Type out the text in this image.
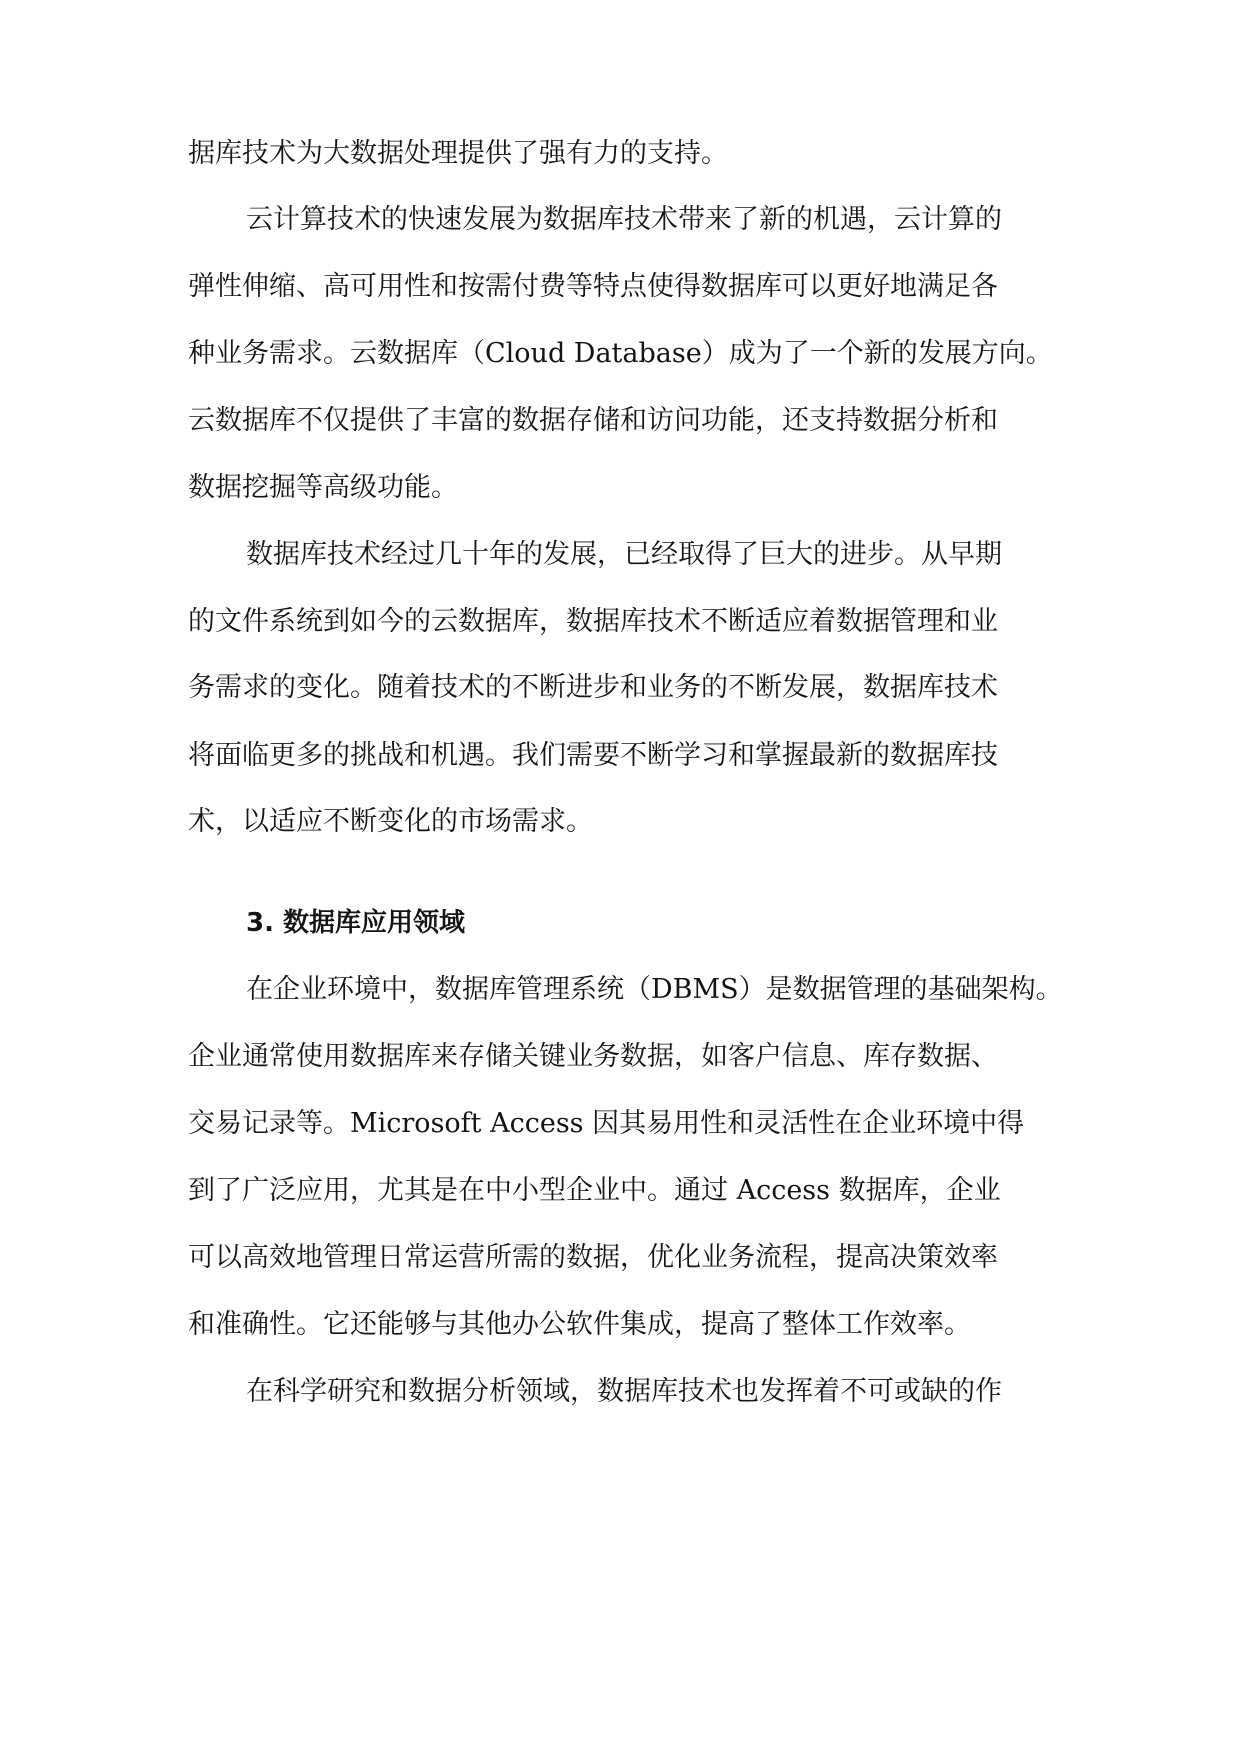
据库技术为大数据处理提供了强有力的支持。
云计算技术的快速发展为数据库技术带来了新的机遇，云计算的
弹性伸缩、高可用性和按需付费等特点使得数据库可以更好地满足各
种业务需求。云数据库（Cloud Database）成为了一个新的发展方向。
云数据库不仅提供了丰富的数据存储和访问功能，还支持数据分析和
数据挖掘等高级功能。
数据库技术经过几十年的发展，已经取得了巨大的进步。从早期
的文件系统到如今的云数据库，数据库技术不断适应着数据管理和业
务需求的变化。随着技术的不断进步和业务的不断发展，数据库技术
将面临更多的挑战和机遇。我们需要不断学习和掌握最新的数据库技
术，以适应不断变化的市场需求。
3. 数据库应用领域
在企业环境中，数据库管理系统（DBMS）是数据管理的基础架构。
企业通常使用数据库来存储关键业务数据，如客户信息、库存数据、
交易记录等。Microsoft Access 因其易用性和灵活性在企业环境中得
到了广泛应用，尤其是在中小型企业中。通过 Access 数据库，企业
可以高效地管理日常运营所需的数据，优化业务流程，提高决策效率
和准确性。它还能够与其他办公软件集成，提高了整体工作效率。
在科学研究和数据分析领域，数据库技术也发挥着不可或缺的作
